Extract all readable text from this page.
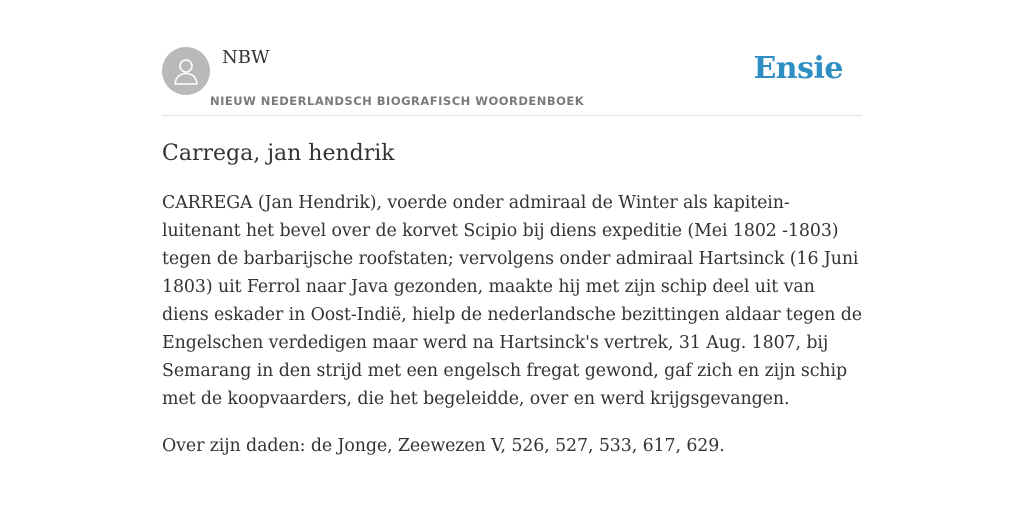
NBW
NIEUW NEDERLANDSCH BIOGRAFISCH WOORDENBOEK
Ensie
Carrega, jan hendrik

CARREGA (Jan Hendrik), voerde onder admiraal de Winter als kapitein-luitenant het bevel over de korvet Scipio bij diens expeditie (Mei 1802 -1803) tegen de barbarijsche roofstaten; vervolgens onder admiraal Hartsinck (16 Juni 1803) uit Ferrol naar Java gezonden, maakte hij met zijn schip deel uit van diens eskader in Oost-Indië, hielp de nederlandsche bezittingen aldaar tegen de Engelschen verdedigen maar werd na Hartsinck's vertrek, 31 Aug. 1807, bij Semarang in den strijd met een engelsch fregat gewond, gaf zich en zijn schip met de koopvaarders, die het begeleidde, over en werd krijgsgevangen.

Over zijn daden: de Jonge, Zeewezen V, 526, 527, 533, 617, 629.
